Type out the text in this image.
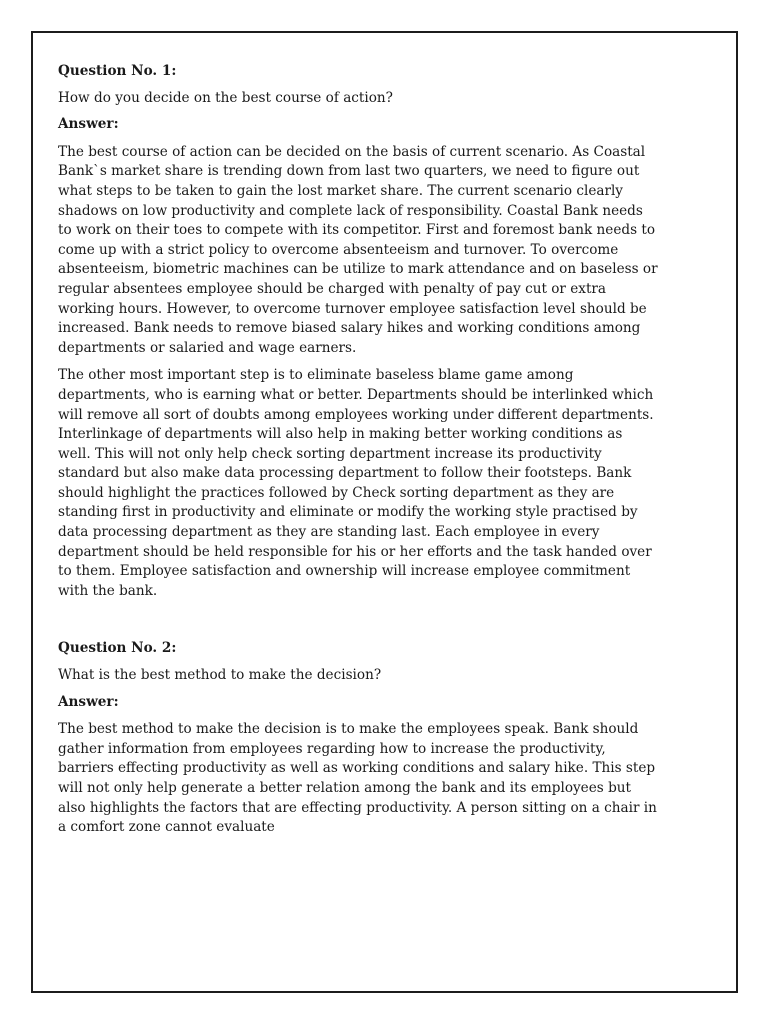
Question No. 1:
How do you decide on the best course of action?
Answer:
The best course of action can be decided on the basis of current scenario. As Coastal Bank`s market share is trending down from last two quarters, we need to figure out what steps to be taken to gain the lost market share. The current scenario clearly shadows on low productivity and complete lack of responsibility. Coastal Bank needs to work on their toes to compete with its competitor. First and foremost bank needs to come up with a strict policy to overcome absenteeism and turnover. To overcome absenteeism, biometric machines can be utilize to mark attendance and on baseless or regular absentees employee should be charged with penalty of pay cut or extra working hours. However, to overcome turnover employee satisfaction level should be increased. Bank needs to remove biased salary hikes and working conditions among departments or salaried and wage earners.
The other most important step is to eliminate baseless blame game among departments, who is earning what or better. Departments should be interlinked which will remove all sort of doubts among employees working under different departments. Interlinkage of departments will also help in making better working conditions as well. This will not only help check sorting department increase its productivity standard but also make data processing department to follow their footsteps. Bank should highlight the practices followed by Check sorting department as they are standing first in productivity and eliminate or modify the working style practised by data processing department as they are standing last. Each employee in every department should be held responsible for his or her efforts and the task handed over to them. Employee satisfaction and ownership will increase employee commitment with the bank.
Question No. 2:
What is the best method to make the decision?
Answer:
The best method to make the decision is to make the employees speak. Bank should gather information from employees regarding how to increase the productivity, barriers effecting productivity as well as working conditions and salary hike. This step will not only help generate a better relation among the bank and its employees but also highlights the factors that are effecting productivity. A person sitting on a chair in a comfort zone cannot evaluate
